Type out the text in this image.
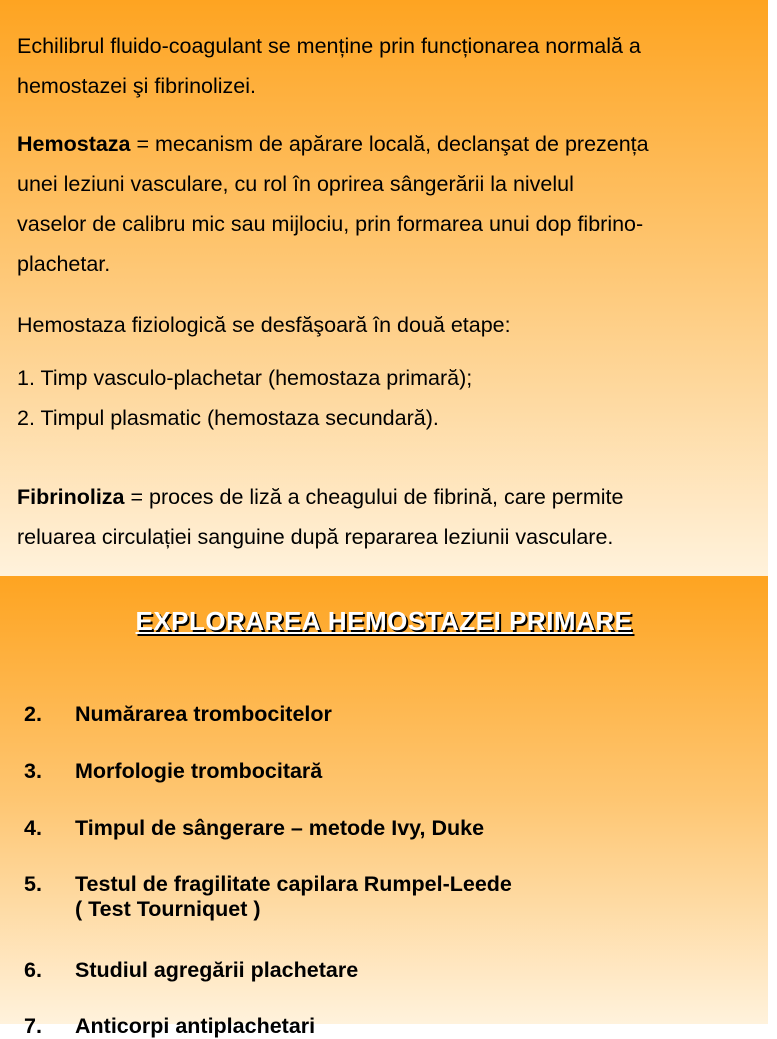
Echilibrul fluido-coagulant se menține prin funcționarea normală a
hemostazei şi fibrinolizei.
Hemostaza = mecanism de apărare locală, declanşat de prezența
unei leziuni vasculare, cu rol în oprirea sângerării la nivelul
vaselor de calibru mic sau mijlociu, prin formarea unui dop fibrino-
plachetar.
Hemostaza fiziologică se desfăşoară în două etape:
1. Timp vasculo-plachetar (hemostaza primară);
2. Timpul plasmatic (hemostaza secundară).
Fibrinoliza = proces de liză a cheagului de fibrină, care permite
reluarea circulației sanguine după repararea leziunii vasculare.
EXPLORAREA HEMOSTAZEI PRIMARE
2. Numărarea trombocitelor
3. Morfologie trombocitară
4. Timpul de sângerare – metode Ivy, Duke
5. Testul de fragilitate capilara Rumpel-Leede
( Test Tourniquet )
6. Studiul agregării plachetare
7. Anticorpi antiplachetari
